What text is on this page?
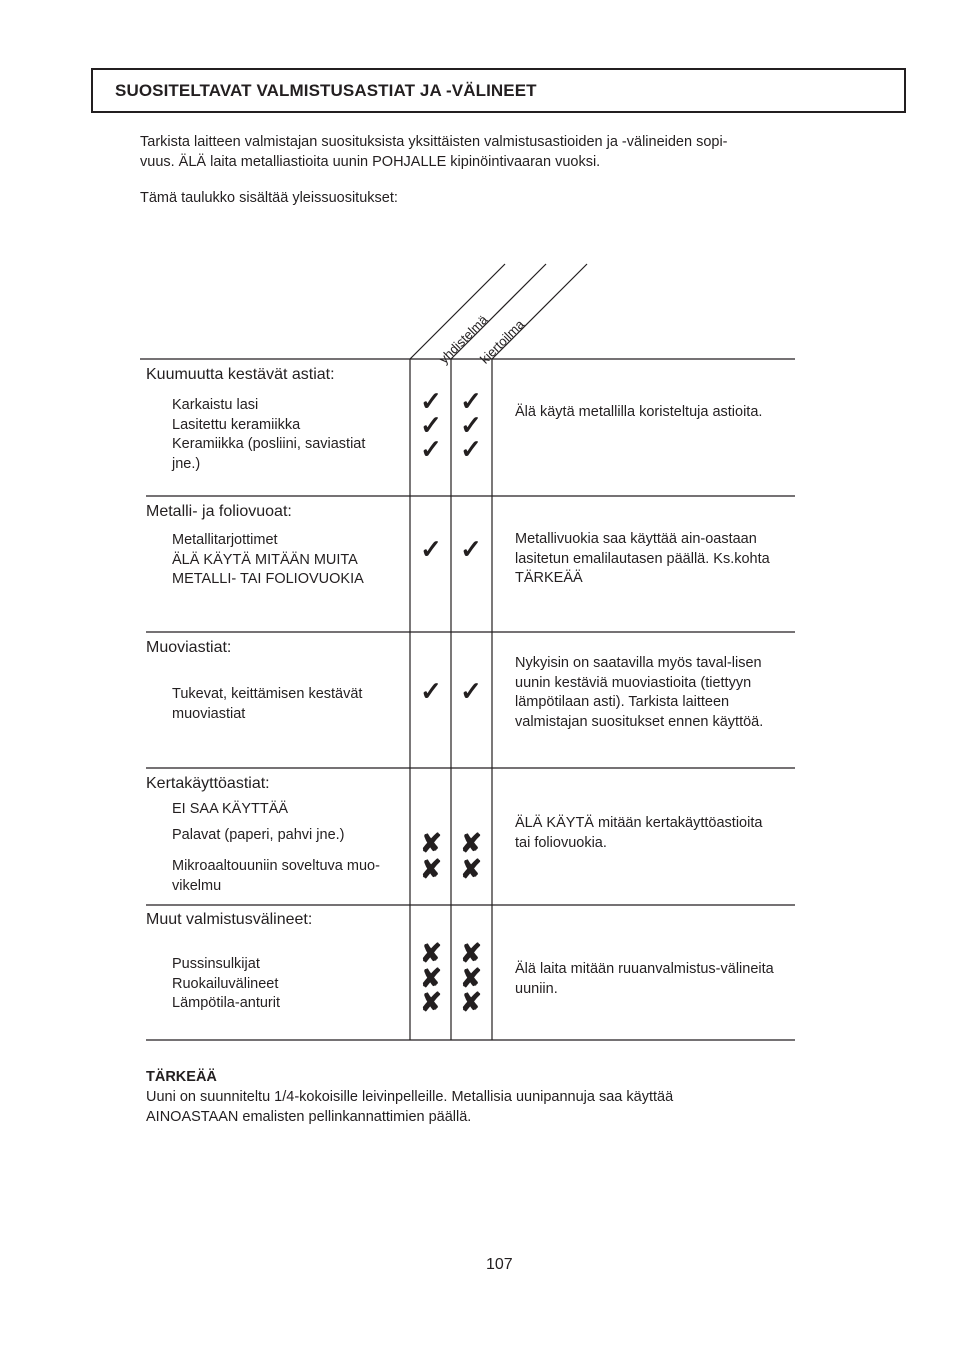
SUOSITELTAVAT VALMISTUSASTIAT JA -VÄLINEET

Tarkista laitteen valmistajan suosituksista yksittäisten valmistusastioiden ja -välineiden sopi-

vuus. ÄLÄ laita metalliastioita uunin POHJALLE kipinöintivaaran vuoksi.

Tämä taulukko sisältää yleissuositukset:
yhdistelmä
kiertoilma
Kuumuutta kestävät astiat:
Karkaistu lasi
Lasitettu keramiikka
Keramiikka (posliini, saviastiat
jne.)
✓ ✓
✓ ✓
✓ ✓
Älä käytä metallilla koristeltuja astioita.
Metalli- ja foliovuoat:
Metallitarjottimet
ÄLÄ KÄYTÄ MITÄÄN MUITA
METALLI- TAI FOLIOVUOKIA
✓ ✓ Metallivuokia saa käyttää ain-oastaan lasitetun emalilautasen päällä. Ks.kohta TÄRKEÄÄ
Muoviastiat:
Tukevat, keittämisen kestävät
muoviastiat
✓ ✓
Nykyisin on saatavilla myös taval-lisen uunin kestäviä muoviastioita (tiettyyn lämpötilaan asti). Tarkista laitteen valmistajan suositukset ennen käyttöä.
Kertakäyttöastiat:
EI SAA KÄYTTÄÄ
Palavat (paperi, pahvi jne.)
Mikroaaltouuniin soveltuva muo-
vikelmu
✘ ✘
✘ ✘
ÄLÄ KÄYTÄ mitään kertakäyttöastioita tai foliovuokia.
Muut valmistusvälineet:
Pussinsulkijat
Ruokailuvälineet
Lämpötila-anturit
✘ ✘
✘ ✘
✘ ✘
Älä laita mitään ruuanvalmistus-välineita uuniin.
TÄRKEÄÄ
Uuni on suunniteltu 1/4-kokoisille leivinpelleille. Metallisia uunipannuja saa käyttää
AINOASTAAN emalisten pellinkannattimien päällä.
107
